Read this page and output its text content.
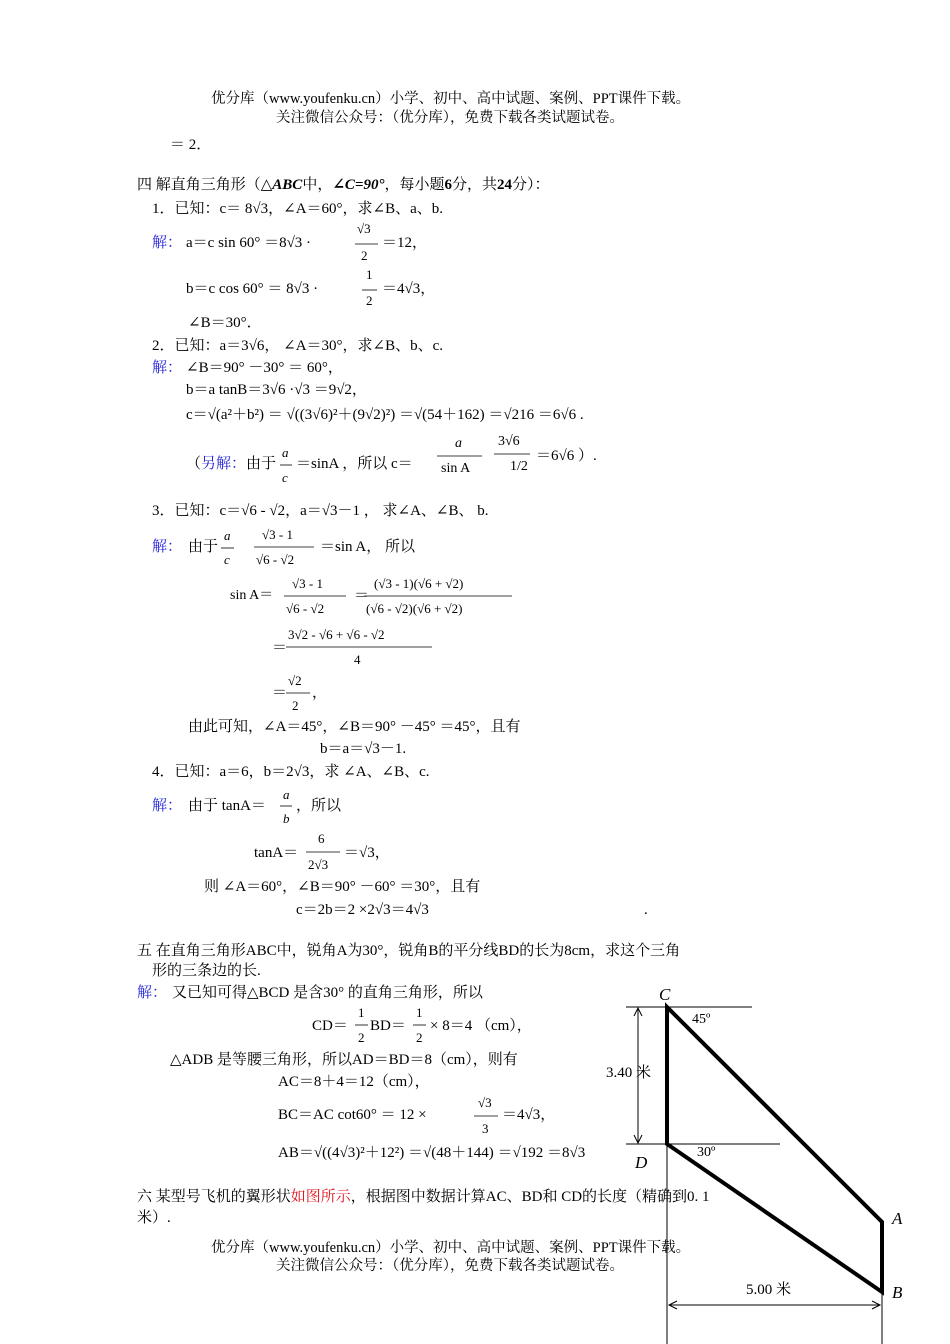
优分库（www.youfenku.cn）小学、初中、高中试题、案例、PPT课件下载。
关注微信公众号：（优分库），免费下载各类试题试卷。
＝ 2．
四 解直角三角形（△ABC中，∠C=90°，每小题6分，共24分）：
1．已知：c＝ 8√3，∠A＝60°，求∠B、a、b.
解： a＝c sin 60° ＝8√3 ·
√3
2
＝12，
b＝c cos 60° ＝ 8√3 ·
1
2
＝4√3，
∠B＝30°．
2．已知：a＝3√6， ∠A＝30°，求∠B、b、c.
解： ∠B＝90° －30° ＝ 60°，
b＝a tanB＝3√6 ·√3 ＝9√2，
c＝√(a²＋b²) ＝ √((3√6)²＋(9√2)²) ＝√(54＋162) ＝√216 ＝6√6 .
（另解：由于
a
c
＝sinA ，所以 c＝
a
sin A
3√6
1/2
＝6√6 ）.
3．已知：c＝√6 - √2，a＝√3－1 ， 求∠A、∠B、 b.
解： 由于
a
c
√3 - 1
√6 - √2
＝sin A， 所以
sin A＝
√3 - 1
√6 - √2
＝
(√3 - 1)(√6 + √2)
(√6 - √2)(√6 + √2)
＝
3√2 - √6 + √6 - √2
4
＝
√2
2
，
由此可知，∠A＝45°，∠B＝90° －45° ＝45°，且有
b＝a＝√3－1.
4．已知：a＝6，b＝2√3，求 ∠A、∠B、c.
解： 由于 tanA＝
a
b
，所以
tanA＝
6
2√3
＝√3，
则 ∠A＝60°，∠B＝90° －60° ＝30°，且有
c＝2b＝2 ×2√3＝4√3	.
五 在直角三角形ABC中，锐角A为30°，锐角B的平分线BD的长为8cm，求这个三角
形的三条边的长.
解： 又已知可得△BCD 是含30° 的直角三角形，所以
CD＝
1
2
BD＝
1
2
× 8＝4 （cm），
△ADB 是等腰三角形，所以AD＝BD＝8（cm），则有
AC＝8＋4＝12（cm），
BC＝AC cot60° ＝ 12 ×
√3
3
＝4√3，
AB＝√((4√3)²＋12²) ＝√(48＋144) ＝√192 ＝8√3
六 某型号飞机的翼形状如图所示，根据图中数据计算AC、BD和 CD的长度（精确到0. 1
米）.
优分库（www.youfenku.cn）小学、初中、高中试题、案例、PPT课件下载。
关注微信公众号：（优分库），免费下载各类试题试卷。
C
D
A
B
45º
30º
3.40 米
5.00 米
